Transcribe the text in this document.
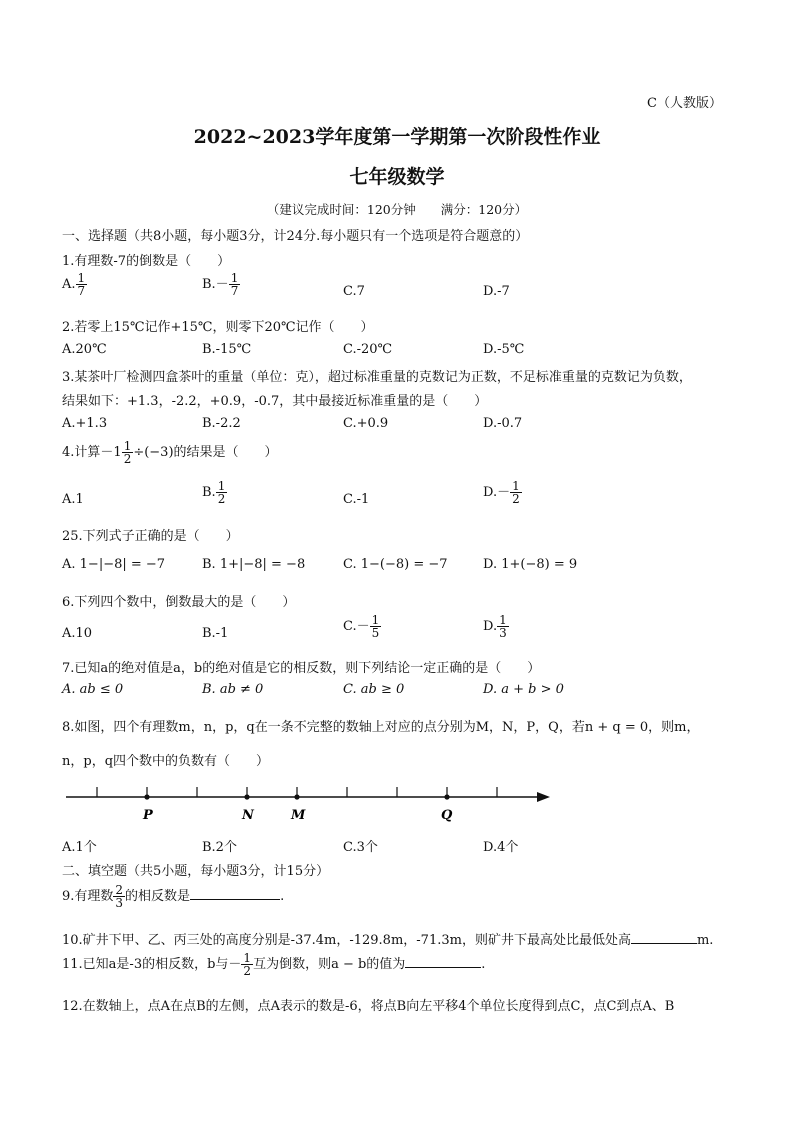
C（人教版）
2022~2023学年度第一学期第一次阶段性作业
七年级数学
（建议完成时间：120分钟　　满分：120分）
一、选择题（共8小题，每小题3分，计24分.每小题只有一个选项是符合题意的）
1.有理数-7的倒数是（　　）
A. $\frac{1}{7}$	$B.- \frac{1}{7}$	C.7	D.-7
2.若零上15℃记作+15℃，则零下20℃记作（　　）
A.20℃	B.-15℃	C.-20℃	D.-5℃
3.某茶叶厂检测四盒茶叶的重量（单位：克），超过标准重量的克数记为正数，不足标准重量的克数记为负数，
结果如下：+1.3，-2.2，+0.9，-0.7，其中最接近标准重量的是（　　）
A.+1.3	B.-2.2	C.+0.9	D.-0.7
4.计算$-1 \frac{1}{2} \div(-3)$的结果是（　　）
A.1	B. $\frac{1}{2}$	C.-1	$D.- \frac{1}{2}$
25.下列式子正确的是（　　）
A. 1−|−8| = −7	B. 1+|−8| = −8	C. 1−(−8) = −7	D. 1+(−8) = 9
6.下列四个数中，倒数最大的是（　　）
A.10	B.-1	$C.- \frac{1}{5}$	D. $\frac{1}{3}$
7.已知a的绝对值是a，b的绝对值是它的相反数，则下列结论一定正确的是（　　）
A. ab ≤ 0	B. ab ≠ 0	C. ab ≥ 0	D. a + b > 0
8.如图，四个有理数m，n，p，q在一条不完整的数轴上对应的点分别为M，N，P，Q，若n + q = 0，则m，
n，p，q四个数中的负数有（　　）
P	N	M	Q
A.1个	B.2个	C.3个	D.4个
二、填空题（共5小题，每小题3分，计15分）
9.有理数 $\frac{2}{3}$ 的相反数是	.
10.矿井下甲、乙、丙三处的高度分别是-37.4m，-129.8m，-71.3m，则矿井下最高处比最低处高	m.
11.已知a是-3的相反数，b与－ $\frac{1}{2}$ 互为倒数，则a − b的值为	.
12.在数轴上，点A在点B的左侧，点A表示的数是-6，将点B向左平移4个单位长度得到点C，点C到点A、B
